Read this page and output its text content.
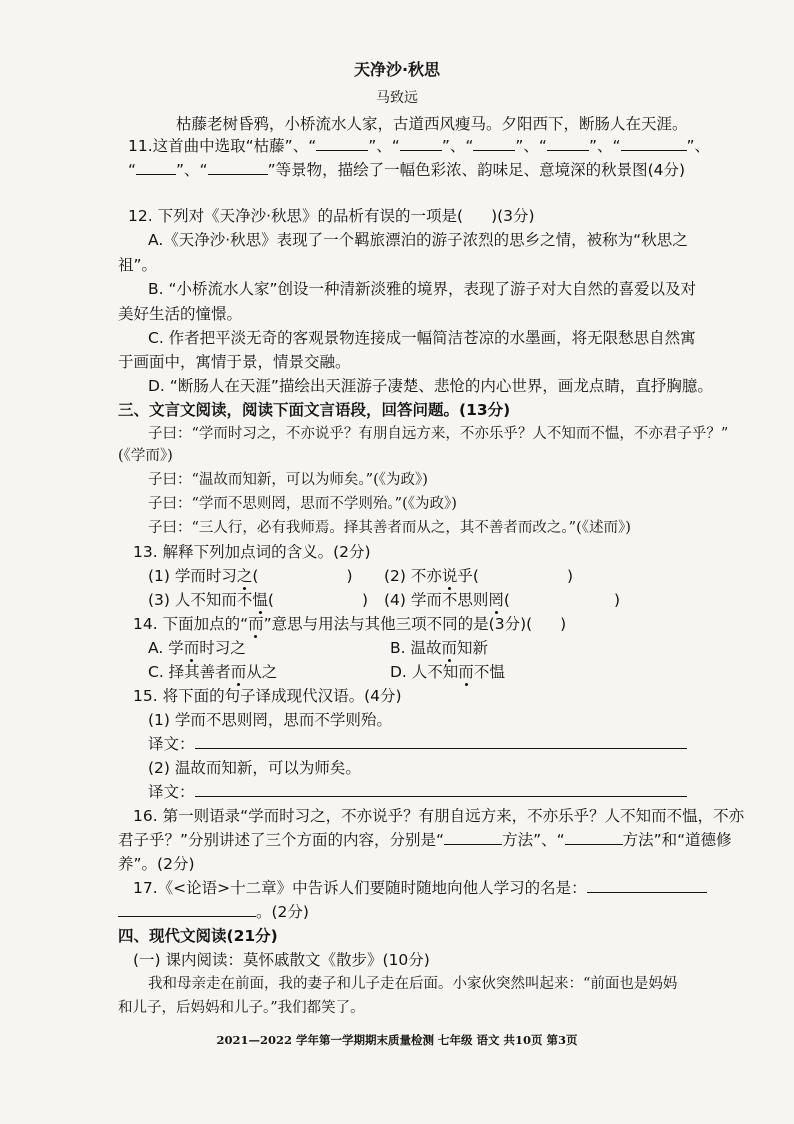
天净沙·秋思
马致远
枯藤老树昏鸦，小桥流水人家，古道西风瘦马。夕阳西下，断肠人在天涯。
11.这首曲中选取“枯藤”、“	”、“	”、“	”、“	”、“	”、
“	”、“	”等景物，描绘了一幅色彩浓、韵味足、意境深的秋景图(4分)
12. 下列对《天净沙·秋思》的品析有误的一项是( )(3分)
A.《天净沙·秋思》表现了一个羁旅漂泊的游子浓烈的思乡之情，被称为“秋思之
祖”。
B. “小桥流水人家”创设一种清新淡雅的境界，表现了游子对大自然的喜爱以及对
美好生活的憧憬。
C. 作者把平淡无奇的客观景物连接成一幅简洁苍凉的水墨画，将无限愁思自然寓
于画面中，寓情于景，情景交融。
D. “断肠人在天涯”描绘出天涯游子凄楚、悲怆的内心世界，画龙点睛，直抒胸臆。
三、文言文阅读，阅读下面文言语段，回答问题。(13分)
子曰：“学而时习之，不亦说乎？有朋自远方来，不亦乐乎？人不知而不愠，不亦君子乎？”
(《学而》)
子曰：“温故而知新，可以为师矣。”(《为政》)
子曰：“学而不思则罔，思而不学则殆。”(《为政》)
子曰：“三人行，必有我师焉。择其善者而从之，其不善者而改之。”(《述而》)
13. 解释下列加点词的含义。(2分)
(1) 学而时习之(	) (2) 不亦说乎(	)
(3) 人不知而不愠(	) (4) 学而不思则罔(	)
14. 下面加点的“而”意思与用法与其他三项不同的是(3分)( )
A. 学而时习之	B. 温故而知新
C. 择其善者而从之	D. 人不知而不愠
15. 将下面的句子译成现代汉语。(4分)
(1) 学而不思则罔，思而不学则殆。
译文：
(2) 温故而知新，可以为师矣。
译文：
16. 第一则语录“学而时习之，不亦说乎？有朋自远方来，不亦乐乎？人不知而不愠，不亦
君子乎？”分别讲述了三个方面的内容，分别是“	方法”、“	方法”和“道德修
养”。(2分)
17.《<论语>十二章》中告诉人们要随时随地向他人学习的名是：
。(2分)
四、现代文阅读(21分)
(一) 课内阅读：莫怀戚散文《散步》(10分)
我和母亲走在前面，我的妻子和儿子走在后面。小家伙突然叫起来：“前面也是妈妈
和儿子，后妈妈和儿子。”我们都笑了。
2021—2022 学年第一学期期末质量检测 七年级 语文 共10页 第3页
